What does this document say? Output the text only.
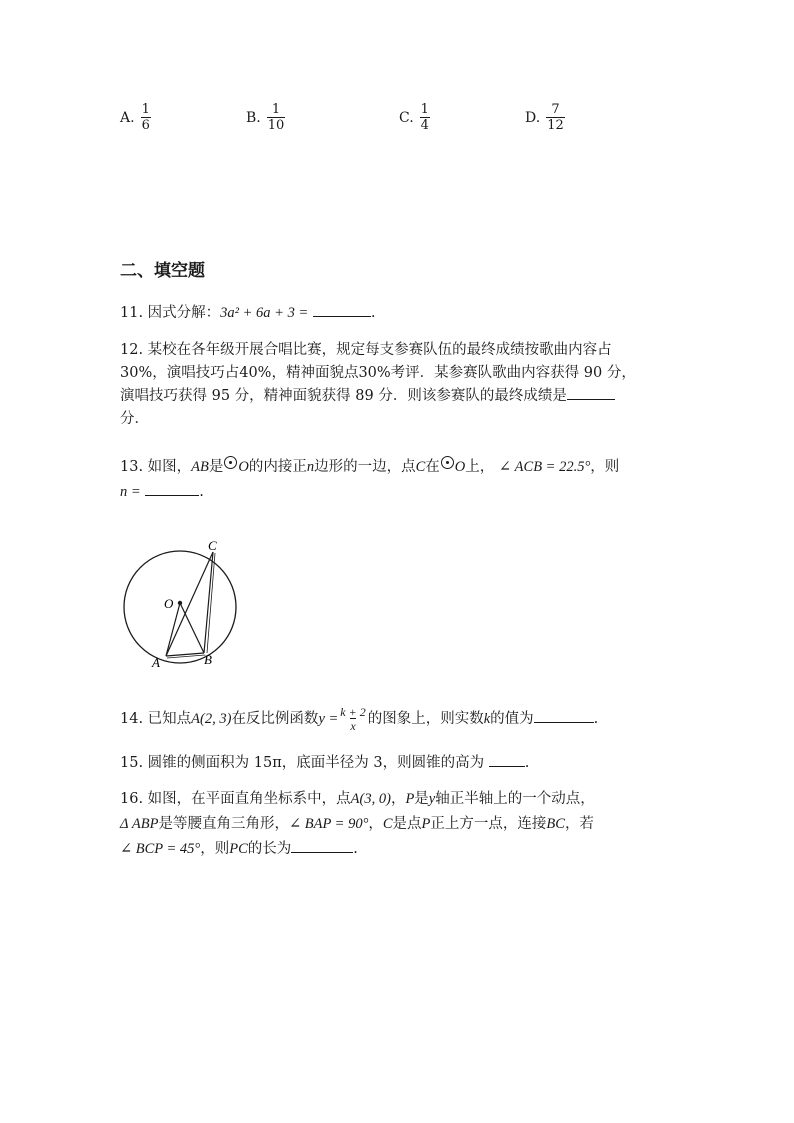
A. $\frac{1}{6}$	B. $\frac{1}{10}$	C. $\frac{1}{4}$	D. $\frac{7}{12}$
二、填空题
11. 因式分解：3a² + 6a + 3 =	.
12. 某校在各年级开展合唱比赛，规定每支参赛队伍的最终成绩按歌曲内容占
30%，演唱技巧占40%，精神面貌点30%考评．某参赛队歌曲内容获得 90 分，
演唱技巧获得 95 分，精神面貌获得 89 分．则该参赛队的最终成绩是
分．
13. 如图，AB是 O的内接正n边形的一边，点C在 O上， ∠ ACB = 22.5°，则
n =	.
C
O
A	B
14. 已知点A(2, 3)在反比例函数$y = \frac{k + 2}{x}$ 的图象上，则实数k的值为	.
15. 圆锥的侧面积为 15π，底面半径为 3，则圆锥的高为	.
16. 如图，在平面直角坐标系中，点A(3, 0)，P是y轴正半轴上的一个动点，
Δ ABP是等腰直角三角形，∠ BAP = 90°，C是点P正上方一点，连接BC，若
∠ BCP = 45°，则PC的长为	.
